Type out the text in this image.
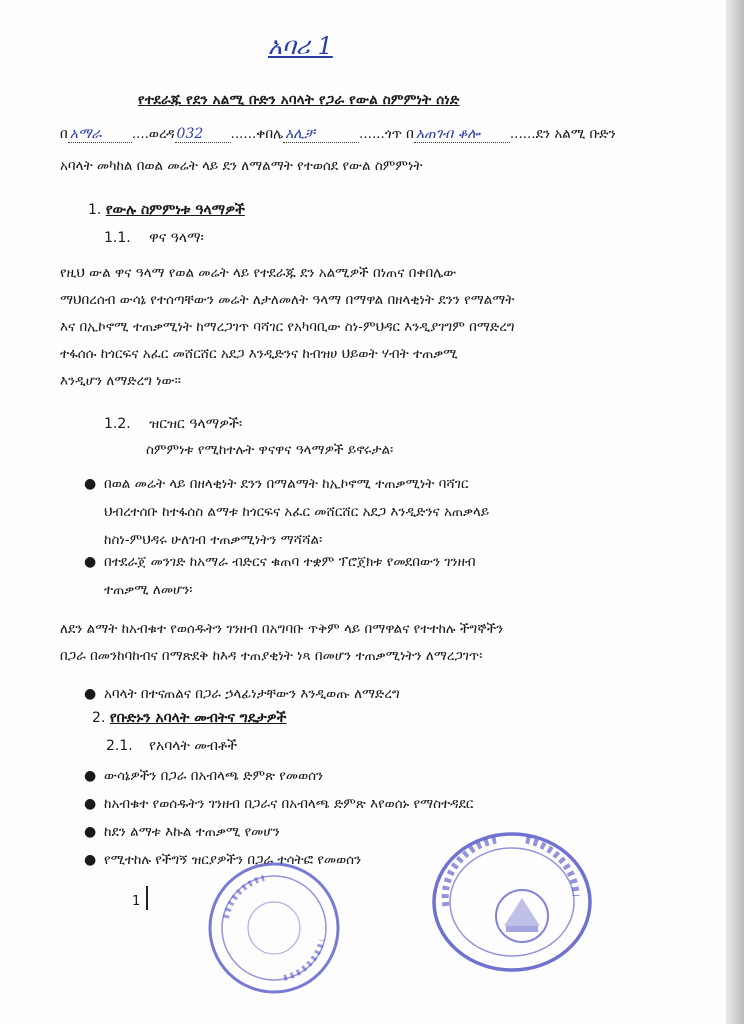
አባሪ 1
የተደራጁ የደን አልሚ ቡድን አባላት የጋራ የውል ስምምነት ሰነድ
በ አማራ ....ወረዳ 032 ......ቀበሌ አሊቻ	......ጎጥ በ አጠገብ ቆሎ ......ደን አልሚ ቡድን
አባላት መካከል በወል መሬት ላይ ደን ለማልማት የተወሰደ የውል ስምምነት
1. የውሉ ስምምነቱ ዓላማዎች
1.1. ዋና ዓላማ፡
የዚህ ውል ዋና ዓላማ የወል መሬት ላይ የተደራጁ ደን አልሚዎች በነጠና በቀበሌው
ማህበረሰብ ውሳኔ የተሰጣቸውን መሬት ለታለመለት ዓላማ በማዋል በዘላቂነት ደንን የማልማት
እና በኢኮኖሚ ተጠቃሚነት ከማረጋገጥ ባሻገር የአካባቢው ስነ-ምህዳር እንዲያገግም በማድረግ
ተፋሰሱ ከጎርፍና አፈር መሸርሸር አደጋ እንዲድንና ከብዝሀ ህይወት ሃብት ተጠቃሚ
እንዲሆን ለማድረግ ነው፡፡
1.2. ዝርዝር ዓላማዎች፡
ስምምነቱ የሚከተሉት ዋናዋና ዓላማዎች ይኖሩታል፡
● በወል መሬት ላይ በዘላቂነት ደንን በማልማት ከኢኮኖሚ ተጠቃሚነት ባሻገር
ህብረተሰቡ ከተፋሰስ ልማቱ ከጎርፍና አፈር መሸርሸር አደጋ እንዲድንና አጠቃላይ
ከስነ-ምህዳሩ ሁለገብ ተጠቃሚነትን ማሻሻል፡
● በተደራጀ መንገድ ከአማራ ብድርና ቁጠባ ተቋም ፕሮጀክቱ የመደበውን ገንዘብ
ተጠቃሚ ለመሆን፡
ለደን ልማት ከአብቁተ የወሰዱትን ገንዘብ በአግባቡ ጥቅም ላይ በማዋልና የተተከሉ ችግኞችን
በጋራ በመንከባከብና በማጽደቅ ከእዳ ተጠያቂነት ነጻ በመሆን ተጠቃሚነትን ለማረጋገጥ፡
● አባላት በተናጠልና በጋራ ኃላፊነታቸውን እንዲወጡ ለማድረግ
2. የቡድኑን አባላት መብትና ግዴታዎች
2.1. የአባላት መብቶች
● ውሳኔዎችን በጋራ በአብላጫ ድምጽ የመወሰን
● ከአብቁተ የወሰዱትን ገንዘብ በጋራና በአብላጫ ድምጽ እየወሰኑ የማስተዳደር
● ከደን ልማቱ እኩል ተጠቃሚ የመሆን
● የሚተከሉ የችግኝ ዝርያዎችን በጋራ ተሳትፎ የመወሰን
1
